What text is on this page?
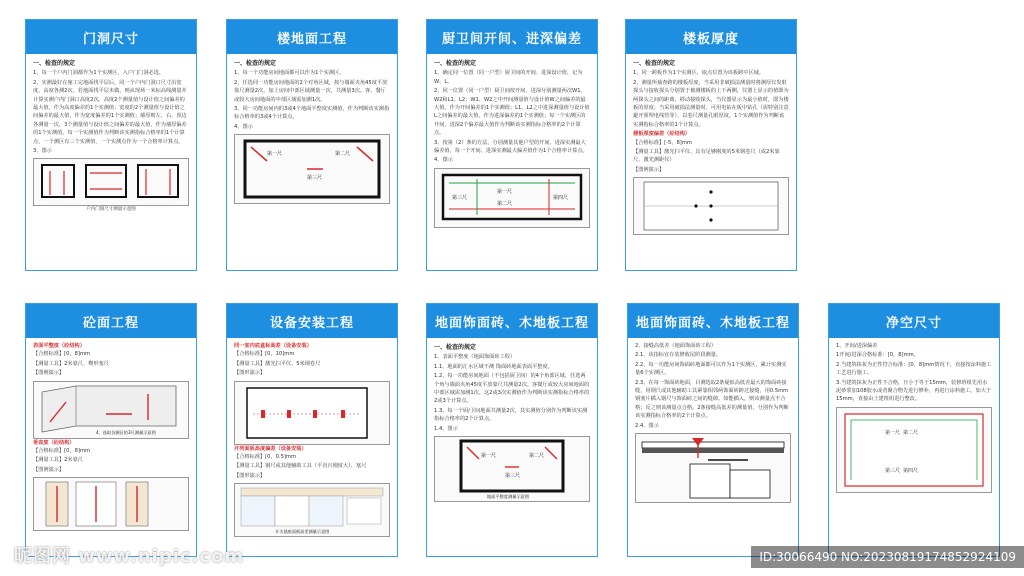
门洞尺寸
一、检查的规定

1、每一个户内门洞都作为1个实测区，入户门门洞必选。

2、实测最好在施工完地面找平层后，同一个户内门洞口尺寸沿宽度、高度各测2次。若地面找平层未做，则从现场一米标高线测量并计算实测户内门洞口高度2次。高度2个测量值与设计值之间偏差的最大值，作为高度偏差的1个实测值；宽度的2个测量值与设计值之间偏差的最大值，作为宽度偏差的1个实测值；墙厚则左、右、顶边各测量一次，3个测量值与设计值之间偏差的最大值，作为墙厚偏差的1个实测值。每一个实测值作为判断该实测指标合格率的1个计算点，一个测区有三个实测值，一个实测点作为一个合格率计算点。

3、图示

户内门洞尺寸测量示意图
楼地面工程
一、检查的规定

1、每一个功能房间地面都可以作为1个实测区。

2、任选同一功能房间地面的2个对角区域，按与墙面夹角45度平放靠尺测量2次，加上房间中部区域测量一次，共测量3次。客、餐厅或较大房间地面的中部区域需加测1次。

3、同一功能房间内的3或4个地面平整度实测值，作为判断该实测指标合格率的3或4个计算点。

4、图示

第一尺	第二尺
第三尺
厨卫间开间、进深偏差
一、检查的规定

1、确定同一位置（同一户型）厨卫间的开间、进深设计值，记为W、L。

2、同一位置（同一户型）厨卫间按开间、进深分别测量两次W1、W2和L1、L2；W1、W2之中开间测量值与设计值W之间偏差的最大值，作为开间偏差的1个实测值；L1、L2之中进深测量值与设计值L之间偏差的最大值，作为进深偏差的1个实测值；每一个实测区的开间、进深2个偏差最大值作为判断该实测指标合格率的2个计算点。

3、按第（2）条的方法，分别测量其他户型的开间、进深实测最大偏差值，每一个开间、进深实测最大偏差值作为1个合格率计算点。

4、图示

第一尺
第二尺
第三尺	第四尺
楼板厚度
一、检查的规定

1、同一跨板作为1个实测区，取点位置为该板跨中区域。

2、测量所抽查跨的楼板厚度，当采用非破损法测量时将测厚仪发射探头与接收探头分别置于被测楼板的上下两侧，仪器上显示的值即为两探头之间的距离，移动接收探头，当仪器显示为最小值时，即为楼板的厚度；当采用破损法测量时，可用电钻在板中钻孔（需特别注意避开预埋电线管等），以卷尺测量孔眼厚度。1个实测值作为判断该实测指标合格率的1个计算点。

楼板厚度偏差（砼结构）

【合格标准】[-5，8]mm

【测量工具】激光扫平仪、具有足够刚度的5米钢卷尺（或2米靠尺、激光测距仪）

【图例演示】

砼面工程
表面平整度（砼结构）

【合格标准】[0，8]mm

【测量工具】2米靠尺、楔形塞尺

【图例演示】

4、选取各测区的3尺测量示意图
垂直度（砼结构）

【合格标准】[0，8]mm

【测量工具】2米靠尺

【图例演示】

设备安装工程
同一室内底盒标高差（设备安装）

【合格标准】[0，10]mm

【测量工具】激光扫平仪、5米钢卷尺

【图形演示】

并列面板高度偏差（设备安装）

【合格标准】[0，0.5]mm

【测量工具】钢尺或其他辅助工具（平直且刚度大）、塞尺

【图形演示】

开关插座面板高差测量示意图
地面饰面砖、木地板工程
一、检查的规定

1、表面平整度（地面饰面砖工程）

1.1、地面的汇水区域不测 饰面砖地面表面平整度。

1.2、每一功能房间地面（不包括厨卫间）的4个角部区域，任选两个角与墙面夹角45度平放靠尺共测量2次。客餐厅或较大房间地面的中部区域需加测1次。这2或3次实测值作为判断该实测指标合格率的2或3个计算点。

1.3、每一个厨/卫间地面共测量2次，其实测值分别作为判断该实测指标合格率的2个计算点。

1.4、图示

第一尺	第二尺
第三尺
地面平整度测量示意图
地面饰面砖、木地板工程

2、接缝高低差（地面饰面砖工程）

2.1、该指标宜在装修收尾阶段测量。

2.2、每一功能房间饰面砖地面都可以作为1个实测区，累计实测实量6个实测区。

2.3、在每一饰面砖地面，目测选取2条疑似高低差最大的饰面砖接缝，用钢尺或其他辅助工具紧靠相邻两饰面砖跨过接缝，用0.5mm钢塞片插入钢尺与饰面砖之间的缝隙。如能插入，则该测量点不合格；反之则该测量点合格。2条接缝高低差的测量值，分别作为判断该实测指标合格率的2个计算点。

2.4、图示

净空尺寸

1、开间/进深偏差

1开间/进深合格标准：[0，8]mm。

2.当建筑抹灰为正性符合标准：[0，8]mm情况下，直接按涂料施工工艺进行施工。

3.当建筑抹灰为正性不合格，且小于等于15mm，装修班组先用水泥砂浆加108胶水或者聚合物先进行修补，再进行涂料施工。如大于15mm，直接由土建班组进行整改。

第一尺 第二尺
第三尺 第四尺
昵图网 www.nipic.com	ID:30066490 NO:20230819174852924109
